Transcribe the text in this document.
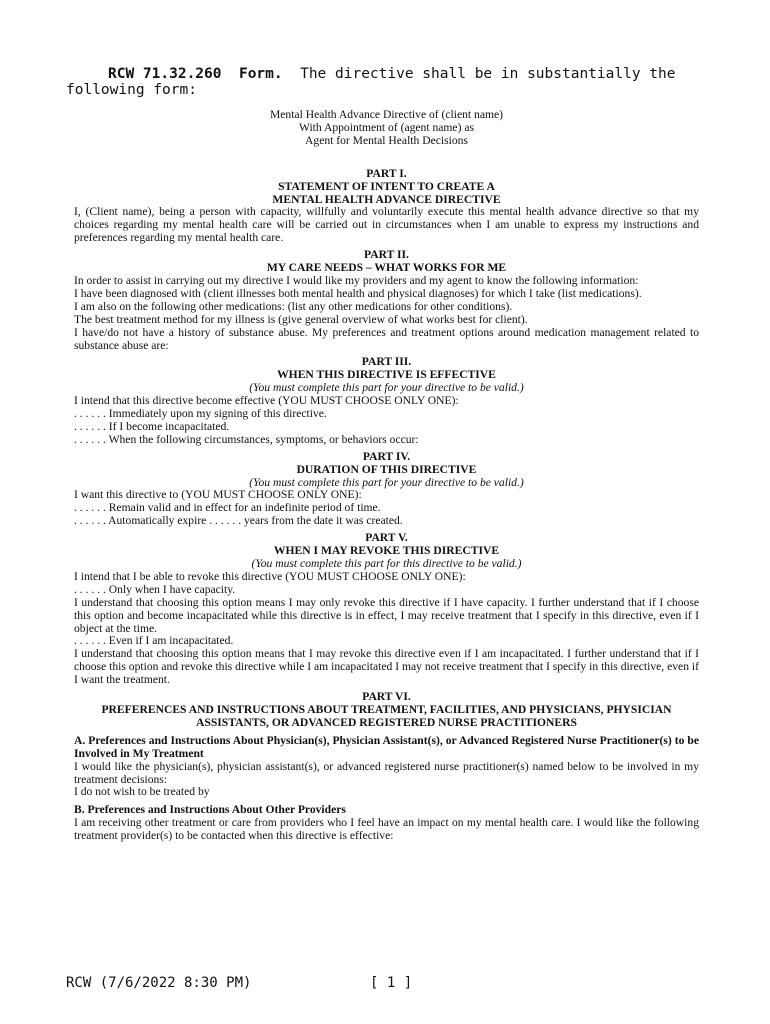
RCW 71.32.260 Form. The directive shall be in substantially the
following form:
Mental Health Advance Directive of (client name)
With Appointment of (agent name) as
Agent for Mental Health Decisions
PART I.
STATEMENT OF INTENT TO CREATE A
MENTAL HEALTH ADVANCE DIRECTIVE

I, (Client name), being a person with capacity, willfully and voluntarily execute this mental health advance directive so that my choices regarding my mental health care will be carried out in circumstances when I am unable to express my instructions and preferences regarding my mental health care.

PART II.
MY CARE NEEDS – WHAT WORKS FOR ME

In order to assist in carrying out my directive I would like my providers and my agent to know the following information:

I have been diagnosed with (client illnesses both mental health and physical diagnoses) for which I take (list medications).

I am also on the following other medications: (list any other medications for other conditions).

The best treatment method for my illness is (give general overview of what works best for client).

I have/do not have a history of substance abuse. My preferences and treatment options around medication management related to substance abuse are:

PART III.
WHEN THIS DIRECTIVE IS EFFECTIVE
(You must complete this part for your directive to be valid.)

I intend that this directive become effective (YOU MUST CHOOSE ONLY ONE):

. . . . . . Immediately upon my signing of this directive.

. . . . . . If I become incapacitated.

. . . . . . When the following circumstances, symptoms, or behaviors occur:

PART IV.
DURATION OF THIS DIRECTIVE
(You must complete this part for your directive to be valid.)

I want this directive to (YOU MUST CHOOSE ONLY ONE):

. . . . . . Remain valid and in effect for an indefinite period of time.

. . . . . . Automatically expire . . . . . . years from the date it was created.

PART V.
WHEN I MAY REVOKE THIS DIRECTIVE
(You must complete this part for this directive to be valid.)

I intend that I be able to revoke this directive (YOU MUST CHOOSE ONLY ONE):

. . . . . . Only when I have capacity.

I understand that choosing this option means I may only revoke this directive if I have capacity. I further understand that if I choose this option and become incapacitated while this directive is in effect, I may receive treatment that I specify in this directive, even if I object at the time.

. . . . . . Even if I am incapacitated.

I understand that choosing this option means that I may revoke this directive even if I am incapacitated. I further understand that if I choose this option and revoke this directive while I am incapacitated I may not receive treatment that I specify in this directive, even if I want the treatment.

PART VI.
PREFERENCES AND INSTRUCTIONS ABOUT TREATMENT, FACILITIES, AND PHYSICIANS, PHYSICIAN
ASSISTANTS, OR ADVANCED REGISTERED NURSE PRACTITIONERS
A. Preferences and Instructions About Physician(s), Physician Assistant(s), or Advanced Registered Nurse Practitioner(s) to be Involved in My Treatment

I would like the physician(s), physician assistant(s), or advanced registered nurse practitioner(s) named below to be involved in my treatment decisions:

I do not wish to be treated by

B. Preferences and Instructions About Other Providers

I am receiving other treatment or care from providers who I feel have an impact on my mental health care. I would like the following treatment provider(s) to be contacted when this directive is effective:

RCW (7/6/2022 8:30 PM)	[ 1 ]
